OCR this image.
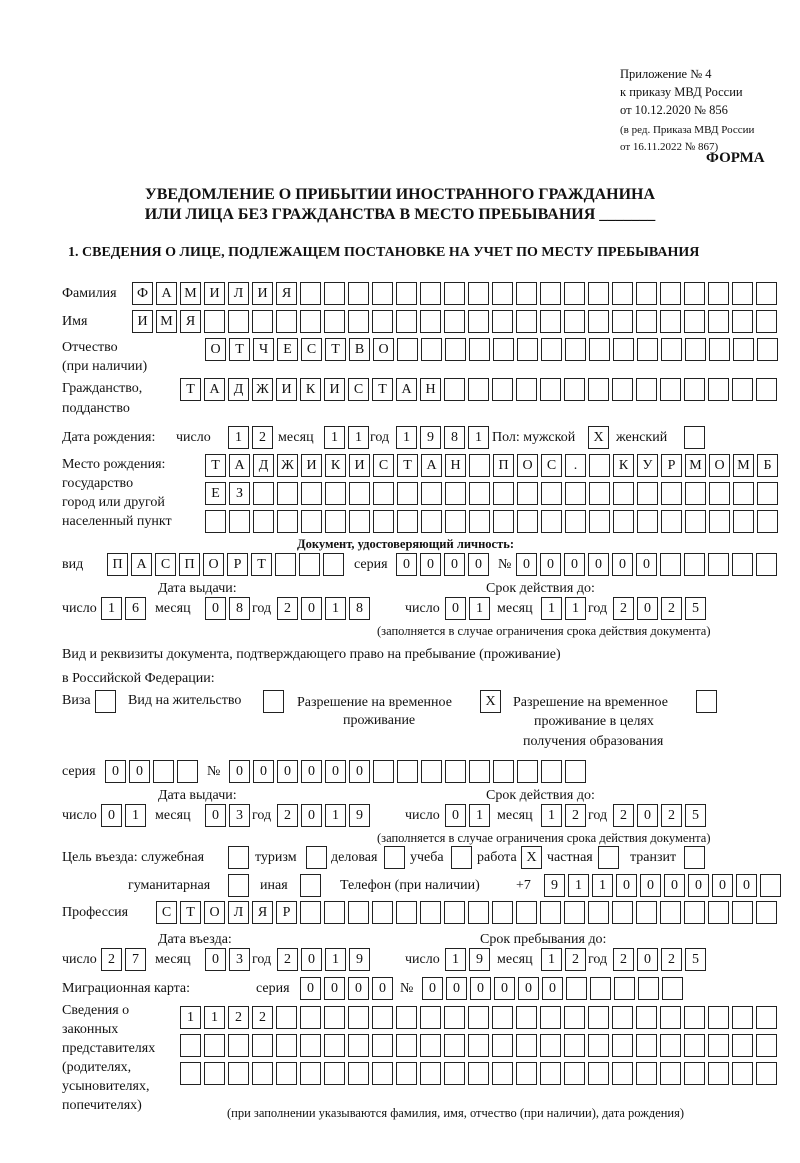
Приложение № 4
к приказу МВД России
от 10.12.2020 № 856
(в ред. Приказа МВД России
от 16.11.2022 № 867)
ФОРМА
УВЕДОМЛЕНИЕ О ПРИБЫТИИ ИНОСТРАННОГО ГРАЖДАНИНА
ИЛИ ЛИЦА БЕЗ ГРАЖДАНСТВА В МЕСТО ПРЕБЫВАНИЯ _______
1. СВЕДЕНИЯ О ЛИЦЕ, ПОДЛЕЖАЩЕМ ПОСТАНОВКЕ НА УЧЕТ ПО МЕСТУ ПРЕБЫВАНИЯ
Фамилия	Ф А М И	Л	И	Я
Имя	И М Я
Отчество
(при наличии)
О	Т	Ч	Е	С	Т	В	О
Гражданство,
подданство
Т	А	Д Ж И	К	И	С	Т	А Н
Дата рождения: число	1	2 месяц	1	1 год 1	9	8	1 Пол: мужской	X женский
Место рождения:
государство
город или другой
населенный пункт
Т	А	Д Ж И	К	И	С	Т	А Н	П О	С	.	К	У	Р М О М Б
Е	З
Документ, удостоверяющий личность:
вид	П А	С	П О	Р	Т	серия	0	0	0	0	№ 0	0	0	0	0	0
Дата выдачи:	Срок действия до:
число 1	6	месяц	0	8 год 2	0	1	8	число 0	1	месяц	1	1 год 2	0	2	5
(заполняется в случае ограничения срока действия документа)
Вид и реквизиты документа, подтверждающего право на пребывание (проживание)
в Российской Федерации:
Виза	Вид на жительство	Разрешение на временное
проживание
X	Разрешение на временное
проживание в целях
получения образования
серия	0	0	№	0	0	0	0	0	0
Дата выдачи:	Срок действия до:
число 0	1	месяц	0	3 год 2	0	1	9	число 0	1	месяц	1	2 год 2	0	2	5
(заполняется в случае ограничения срока действия документа)
Цель въезда: служебная	туризм деловая учеба работа X частная	транзит
гуманитарная	иная	Телефон (при наличии)	+7	9	1	1	0	0	0	0	0	0
Профессия	С	Т	О	Л	Я	Р
Дата въезда:	Срок пребывания до:
число 2	7	месяц	0	3 год 2	0	1	9	число 1	9	месяц	1	2 год 2	0	2	5
Миграционная карта:	серия	0	0	0	0	№	0	0	0	0	0	0
Сведения о
законных
представителях
(родителях,
усыновителях,
попечителях)
1	1	2	2
(при заполнении указываются фамилия, имя, отчество (при наличии), дата рождения)
